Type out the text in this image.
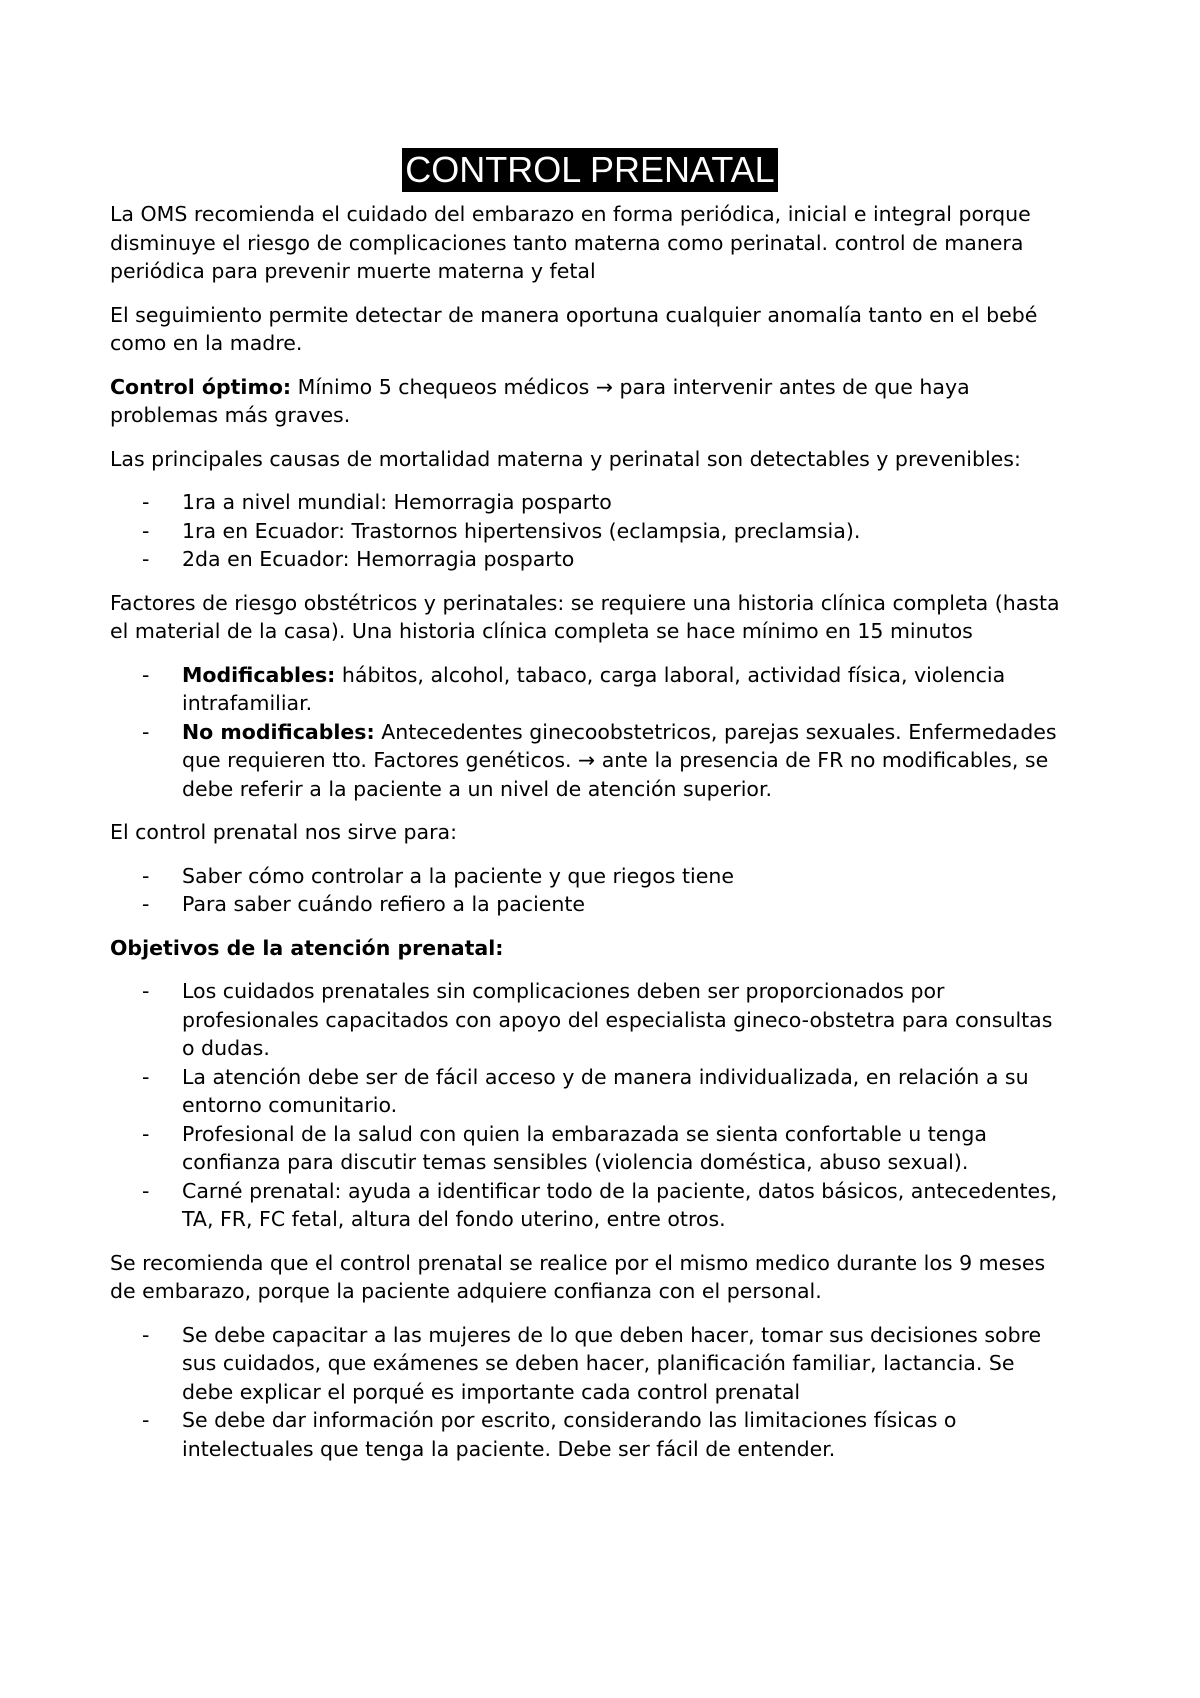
CONTROL PRENATAL

La OMS recomienda el cuidado del embarazo en forma periódica, inicial e integral porque disminuye el riesgo de complicaciones tanto materna como perinatal. control de manera periódica para prevenir muerte materna y fetal

El seguimiento permite detectar de manera oportuna cualquier anomalía tanto en el bebé como en la madre.

Control óptimo: Mínimo 5 chequeos médicos → para intervenir antes de que haya problemas más graves.

Las principales causas de mortalidad materna y perinatal son detectables y prevenibles:

- 1ra a nivel mundial: Hemorragia posparto
- 1ra en Ecuador: Trastornos hipertensivos (eclampsia, preclamsia).
- 2da en Ecuador: Hemorragia posparto

Factores de riesgo obstétricos y perinatales: se requiere una historia clínica completa (hasta el material de la casa). Una historia clínica completa se hace mínimo en 15 minutos

- Modificables: hábitos, alcohol, tabaco, carga laboral, actividad física, violencia intrafamiliar.
- No modificables: Antecedentes ginecoobstetricos, parejas sexuales. Enfermedades que requieren tto. Factores genéticos. → ante la presencia de FR no modificables, se debe referir a la paciente a un nivel de atención superior.

El control prenatal nos sirve para:

- Saber cómo controlar a la paciente y que riegos tiene
- Para saber cuándo refiero a la paciente

Objetivos de la atención prenatal:

- Los cuidados prenatales sin complicaciones deben ser proporcionados por profesionales capacitados con apoyo del especialista gineco-obstetra para consultas o dudas.
- La atención debe ser de fácil acceso y de manera individualizada, en relación a su entorno comunitario.
- Profesional de la salud con quien la embarazada se sienta confortable u tenga confianza para discutir temas sensibles (violencia doméstica, abuso sexual).
- Carné prenatal: ayuda a identificar todo de la paciente, datos básicos, antecedentes, TA, FR, FC fetal, altura del fondo uterino, entre otros.

Se recomienda que el control prenatal se realice por el mismo medico durante los 9 meses de embarazo, porque la paciente adquiere confianza con el personal.

- Se debe capacitar a las mujeres de lo que deben hacer, tomar sus decisiones sobre sus cuidados, que exámenes se deben hacer, planificación familiar, lactancia. Se debe explicar el porqué es importante cada control prenatal
- Se debe dar información por escrito, considerando las limitaciones físicas o intelectuales que tenga la paciente. Debe ser fácil de entender.
